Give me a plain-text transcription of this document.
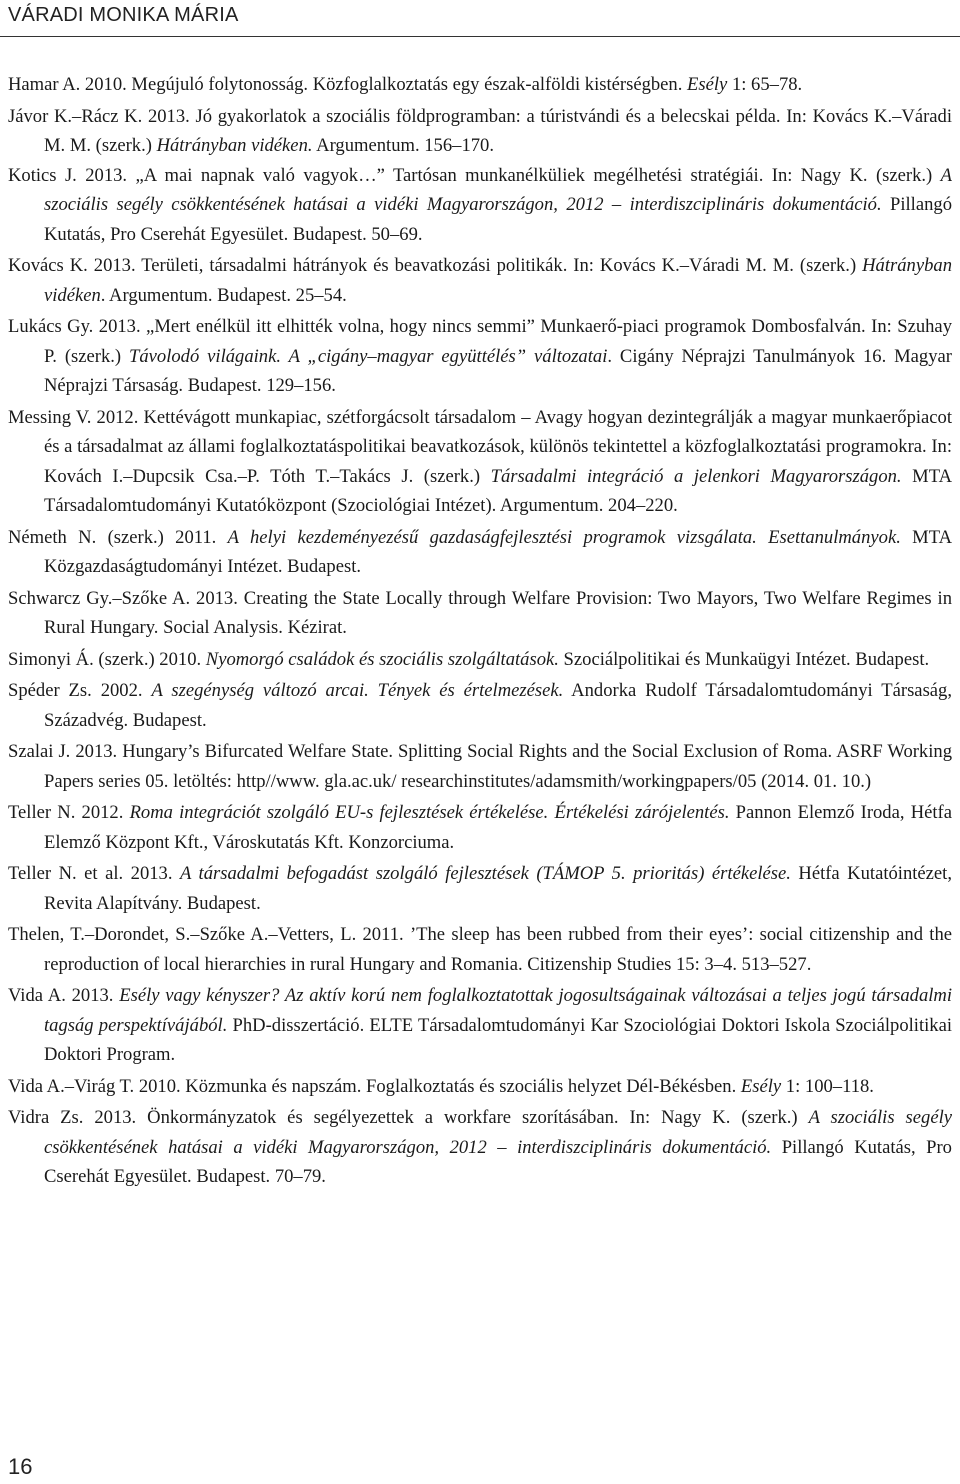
VÁRADI MONIKA MÁRIA

Hamar A. 2010. Megújuló folytonosság. Közfoglalkoztatás egy észak-alföldi kistérségben. Esély 1: 65–78.

Jávor K.–Rácz K. 2013. Jó gyakorlatok a szociális földprogramban: a túristvándi és a belecskai példa. In: Kovács K.–Váradi M. M. (szerk.) Hátrányban vidéken. Argumentum. 156–170.

Kotics J. 2013. „A mai napnak való vagyok…” Tartósan munkanélküliek megélhetési stratégiái. In: Nagy K. (szerk.) A szociális segély csökkentésének hatásai a vidéki Magyarországon, 2012 – interdiszciplináris dokumentáció. Pillangó Kutatás, Pro Cserehát Egyesület. Budapest. 50–69.

Kovács K. 2013. Területi, társadalmi hátrányok és beavatkozási politikák. In: Kovács K.–Váradi M. M. (szerk.) Hátrányban vidéken. Argumentum. Budapest. 25–54.

Lukács Gy. 2013. „Mert enélkül itt elhitték volna, hogy nincs semmi” Munkaerő-piaci programok Dombosfalván. In: Szuhay P. (szerk.) Távolodó világaink. A „cigány–magyar együttélés” változatai. Cigány Néprajzi Tanulmányok 16. Magyar Néprajzi Társaság. Budapest. 129–156.

Messing V. 2012. Kettévágott munkapiac, szétforgácsolt társadalom – Avagy hogyan dezintegrálják a magyar munkaerőpiacot és a társadalmat az állami foglalkoztatáspolitikai beavatkozások, különös tekintettel a közfoglalkoztatási programokra. In: Kovách I.–Dupcsik Csa.–P. Tóth T.–Takács J. (szerk.) Társadalmi integráció a jelenkori Magyarországon. MTA Társadalomtudományi Kutatóközpont (Szociológiai Intézet). Argumentum. 204–220.

Németh N. (szerk.) 2011. A helyi kezdeményezésű gazdaságfejlesztési programok vizsgálata. Esettanulmányok. MTA Közgazdaságtudományi Intézet. Budapest.

Schwarcz Gy.–Szőke A. 2013. Creating the State Locally through Welfare Provision: Two Mayors, Two Welfare Regimes in Rural Hungary. Social Analysis. Kézirat.

Simonyi Á. (szerk.) 2010. Nyomorgó családok és szociális szolgáltatások. Szociálpolitikai és Munkaügyi Intézet. Budapest.

Spéder Zs. 2002. A szegénység változó arcai. Tények és értelmezések. Andorka Rudolf Társadalomtudományi Társaság, Századvég. Budapest.

Szalai J. 2013. Hungary’s Bifurcated Welfare State. Splitting Social Rights and the Social Exclusion of Roma. ASRF Working Papers series 05. letöltés: http//www. gla.ac.uk/ researchinstitutes/adamsmith/workingpapers/05 (2014. 01. 10.)

Teller N. 2012. Roma integrációt szolgáló EU-s fejlesztések értékelése. Értékelési zárójelentés. Pannon Elemző Iroda, Hétfa Elemző Központ Kft., Városkutatás Kft. Konzorciuma.

Teller N. et al. 2013. A társadalmi befogadást szolgáló fejlesztések (TÁMOP 5. prioritás) értékelése. Hétfa Kutatóintézet, Revita Alapítvány. Budapest.

Thelen, T.–Dorondet, S.–Szőke A.–Vetters, L. 2011. ’The sleep has been rubbed from their eyes’: social citizenship and the reproduction of local hierarchies in rural Hungary and Romania. Citizenship Studies 15: 3–4. 513–527.

Vida A. 2013. Esély vagy kényszer? Az aktív korú nem foglalkoztatottak jogosultságainak változásai a teljes jogú társadalmi tagság perspektívájából. PhD-disszertáció. ELTE Társadalomtudományi Kar Szociológiai Doktori Iskola Szociálpolitikai Doktori Program.

Vida A.–Virág T. 2010. Közmunka és napszám. Foglalkoztatás és szociális helyzet Dél-Békésben. Esély 1: 100–118.

Vidra Zs. 2013. Önkormányzatok és segélyezettek a workfare szorításában. In: Nagy K. (szerk.) A szociális segély csökkentésének hatásai a vidéki Magyarországon, 2012 – interdiszciplináris dokumentáció. Pillangó Kutatás, Pro Cserehát Egyesület. Budapest. 70–79.

16
